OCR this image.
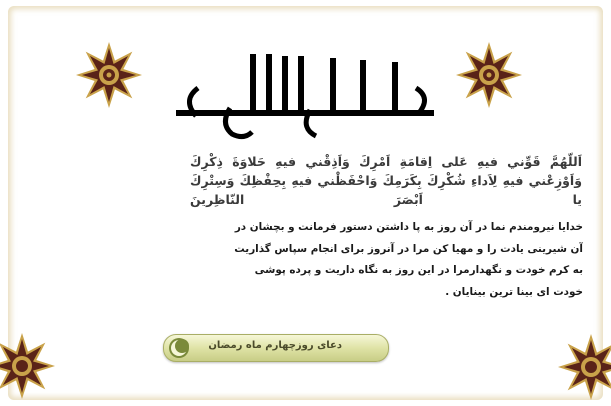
اَللّهُمَّ قَوِّني فيهِ عَلى اِقامَةِ اَمْرِكَ وَاَذِقْني فيهِ حَلاوَةَ ذِكْرِكَ وَاَوْزِعْني فيهِ لِاَداءِ شُكْرِكَ بِكَرَمِكَ وَاحْفَظْني فيهِ بِحِفْظِكَ وَسِتْرِكَ يا اَبْصَرَ النّاظِرينَ
خدایا نیرومندم نما در آن روز به پا داشتن دستور فرمانت و بچشان در
آن شیرینی یادت را و مهیا کن مرا در آنروز برای انجام سپاس گذاریت
به کرم خودت و نگهدارمرا در این روز به نگاه داریت و پرده پوشی
خودت ای بینا ترین بینایان .
دعای روزچهارم ماه رمضان
